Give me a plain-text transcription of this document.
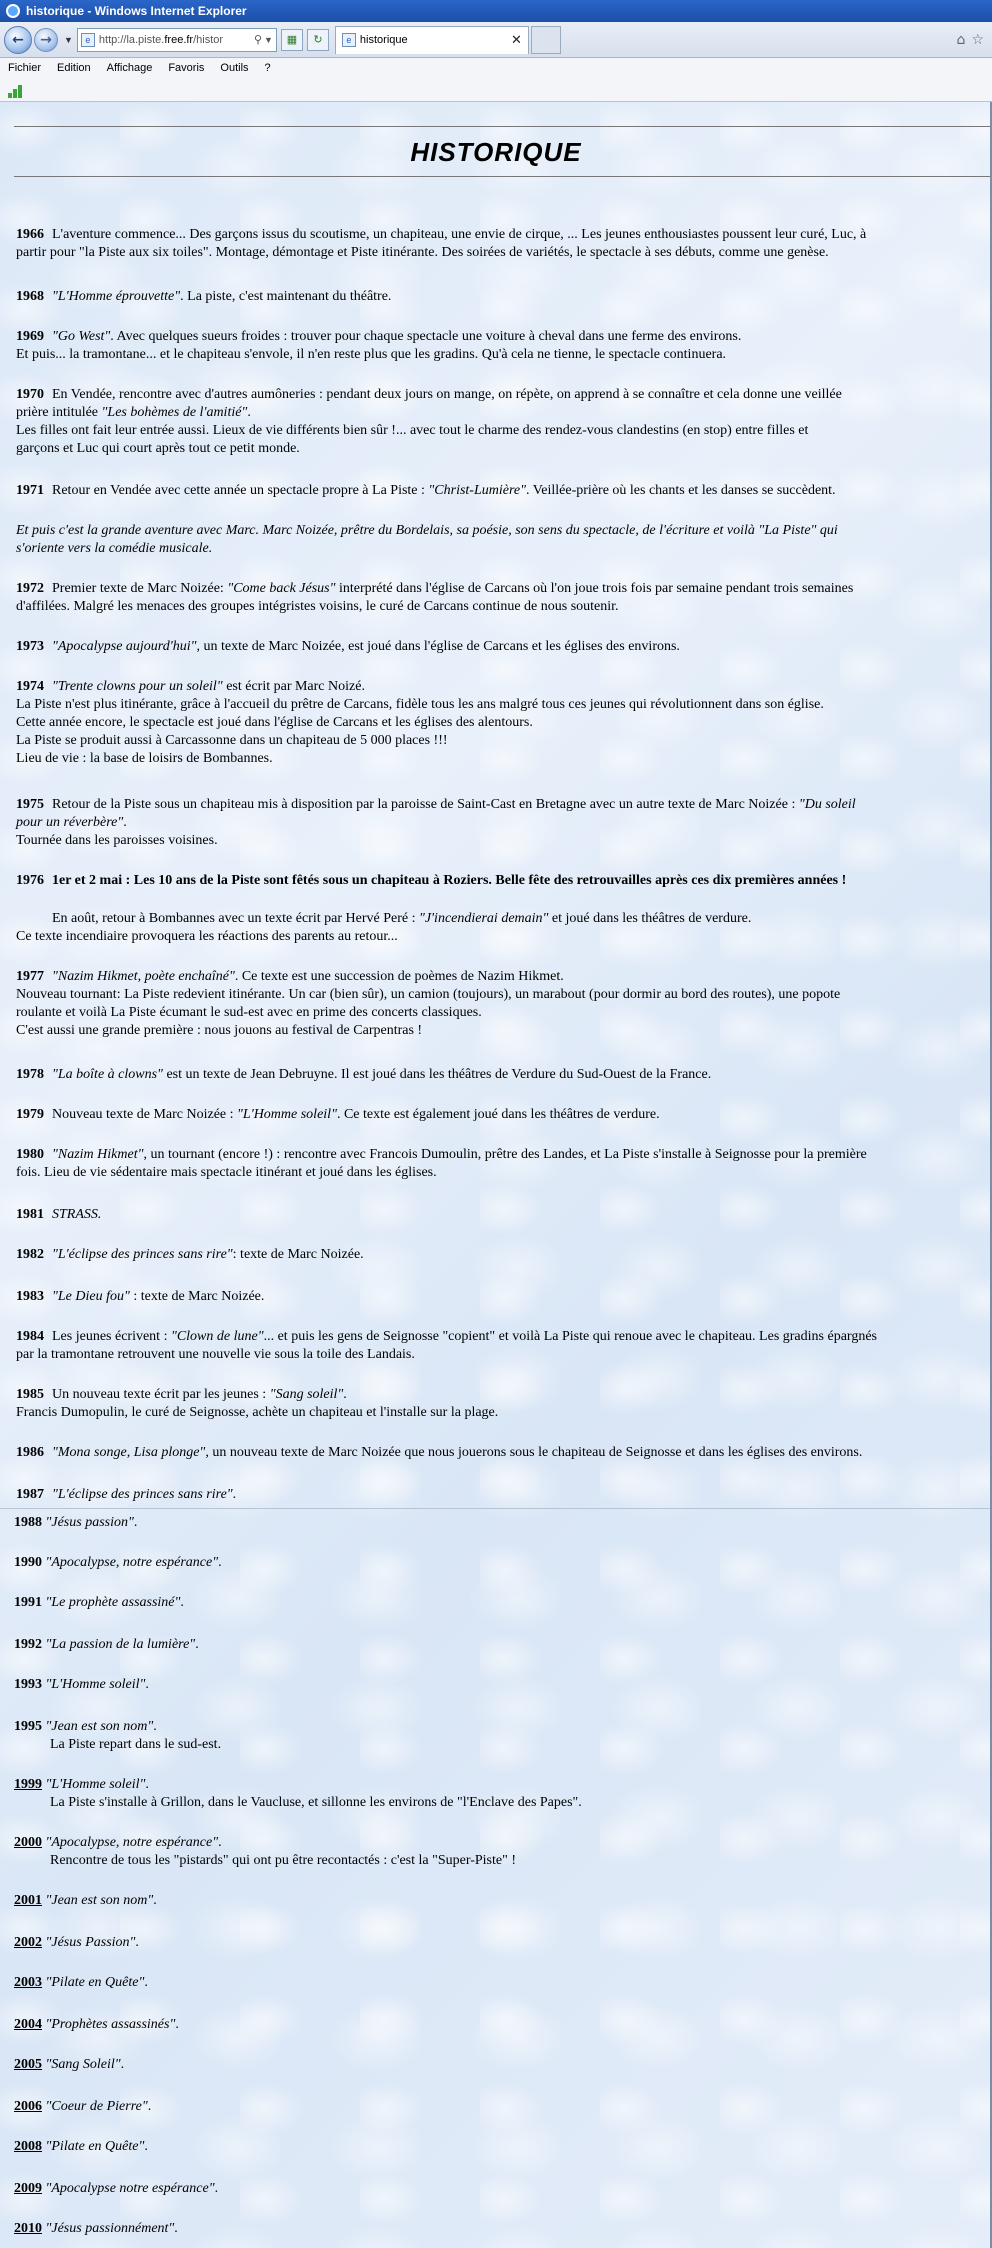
historique - Windows Internet Explorer
←	→	▼	e http://la.piste.free.fr/histor	⚲ ▼	▦	↻	e historique	✕	⌂ ☆
Fichier Edition Affichage Favoris Outils ?
HISTORIQUE
1966 L'aventure commence... Des garçons issus du scoutisme, un chapiteau, une envie de cirque, ... Les jeunes enthousiastes poussent leur curé, Luc, à
partir pour "la Piste aux six toiles". Montage, démontage et Piste itinérante. Des soirées de variétés, le spectacle à ses débuts, comme une genèse.
1968 "L'Homme éprouvette". La piste, c'est maintenant du théâtre.
1969 "Go West". Avec quelques sueurs froides : trouver pour chaque spectacle une voiture à cheval dans une ferme des environs.
Et puis... la tramontane... et le chapiteau s'envole, il n'en reste plus que les gradins. Qu'à cela ne tienne, le spectacle continuera.
1970 En Vendée, rencontre avec d'autres aumôneries : pendant deux jours on mange, on répète, on apprend à se connaître et cela donne une veillée
prière intitulée "Les bohèmes de l'amitié".
Les filles ont fait leur entrée aussi. Lieux de vie différents bien sûr !... avec tout le charme des rendez-vous clandestins (en stop) entre filles et
garçons et Luc qui court après tout ce petit monde.
1971 Retour en Vendée avec cette année un spectacle propre à La Piste : "Christ-Lumière". Veillée-prière où les chants et les danses se succèdent.
Et puis c'est la grande aventure avec Marc. Marc Noizée, prêtre du Bordelais, sa poésie, son sens du spectacle, de l'écriture et voilà "La Piste" qui
s'oriente vers la comédie musicale.
1972 Premier texte de Marc Noizée: "Come back Jésus" interprété dans l'église de Carcans où l'on joue trois fois par semaine pendant trois semaines
d'affilées. Malgré les menaces des groupes intégristes voisins, le curé de Carcans continue de nous soutenir.
1973 "Apocalypse aujourd'hui", un texte de Marc Noizée, est joué dans l'église de Carcans et les églises des environs.
1974 "Trente clowns pour un soleil" est écrit par Marc Noizé.
La Piste n'est plus itinérante, grâce à l'accueil du prêtre de Carcans, fidèle tous les ans malgré tous ces jeunes qui révolutionnent dans son église.
Cette année encore, le spectacle est joué dans l'église de Carcans et les églises des alentours.
La Piste se produit aussi à Carcassonne dans un chapiteau de 5 000 places !!!
Lieu de vie : la base de loisirs de Bombannes.
1975 Retour de la Piste sous un chapiteau mis à disposition par la paroisse de Saint-Cast en Bretagne avec un autre texte de Marc Noizée : "Du soleil
pour un réverbère".
Tournée dans les paroisses voisines.
1976 1er et 2 mai : Les 10 ans de la Piste sont fêtés sous un chapiteau à Roziers. Belle fête des retrouvailles après ces dix premières années !
En août, retour à Bombannes avec un texte écrit par Hervé Peré : "J'incendierai demain" et joué dans les théâtres de verdure.
Ce texte incendiaire provoquera les réactions des parents au retour...
1977 "Nazim Hikmet, poète enchaîné". Ce texte est une succession de poèmes de Nazim Hikmet.
Nouveau tournant: La Piste redevient itinérante. Un car (bien sûr), un camion (toujours), un marabout (pour dormir au bord des routes), une popote
roulante et voilà La Piste écumant le sud-est avec en prime des concerts classiques.
C'est aussi une grande première : nous jouons au festival de Carpentras !
1978 "La boîte à clowns" est un texte de Jean Debruyne. Il est joué dans les théâtres de Verdure du Sud-Ouest de la France.
1979 Nouveau texte de Marc Noizée : "L'Homme soleil". Ce texte est également joué dans les théâtres de verdure.
1980 "Nazim Hikmet", un tournant (encore !) : rencontre avec Francois Dumoulin, prêtre des Landes, et La Piste s'installe à Seignosse pour la première
fois. Lieu de vie sédentaire mais spectacle itinérant et joué dans les églises.
1981 STRASS.
1982 "L'éclipse des princes sans rire": texte de Marc Noizée.
1983 "Le Dieu fou" : texte de Marc Noizée.
1984 Les jeunes écrivent : "Clown de lune"... et puis les gens de Seignosse "copient" et voilà La Piste qui renoue avec le chapiteau. Les gradins épargnés
par la tramontane retrouvent une nouvelle vie sous la toile des Landais.
1985 Un nouveau texte écrit par les jeunes : "Sang soleil".
Francis Dumopulin, le curé de Seignosse, achète un chapiteau et l'installe sur la plage.
1986 "Mona songe, Lisa plonge", un nouveau texte de Marc Noizée que nous jouerons sous le chapiteau de Seignosse et dans les églises des environs.
1987 "L'éclipse des princes sans rire".
1988 "Jésus passion".
1990 "Apocalypse, notre espérance".
1991 "Le prophète assassiné".
1992 "La passion de la lumière".
1993 "L'Homme soleil".
1995 "Jean est son nom".
La Piste repart dans le sud-est.
1999 "L'Homme soleil".
La Piste s'installe à Grillon, dans le Vaucluse, et sillonne les environs de "l'Enclave des Papes".
2000 "Apocalypse, notre espérance".
Rencontre de tous les "pistards" qui ont pu être recontactés : c'est la "Super-Piste" !
2001 "Jean est son nom".
2002 "Jésus Passion".
2003 "Pilate en Quête".
2004 "Prophètes assassinés".
2005 "Sang Soleil".
2006 "Coeur de Pierre".
2008 "Pilate en Quête".
2009 "Apocalypse notre espérance".
2010 "Jésus passionnément".
